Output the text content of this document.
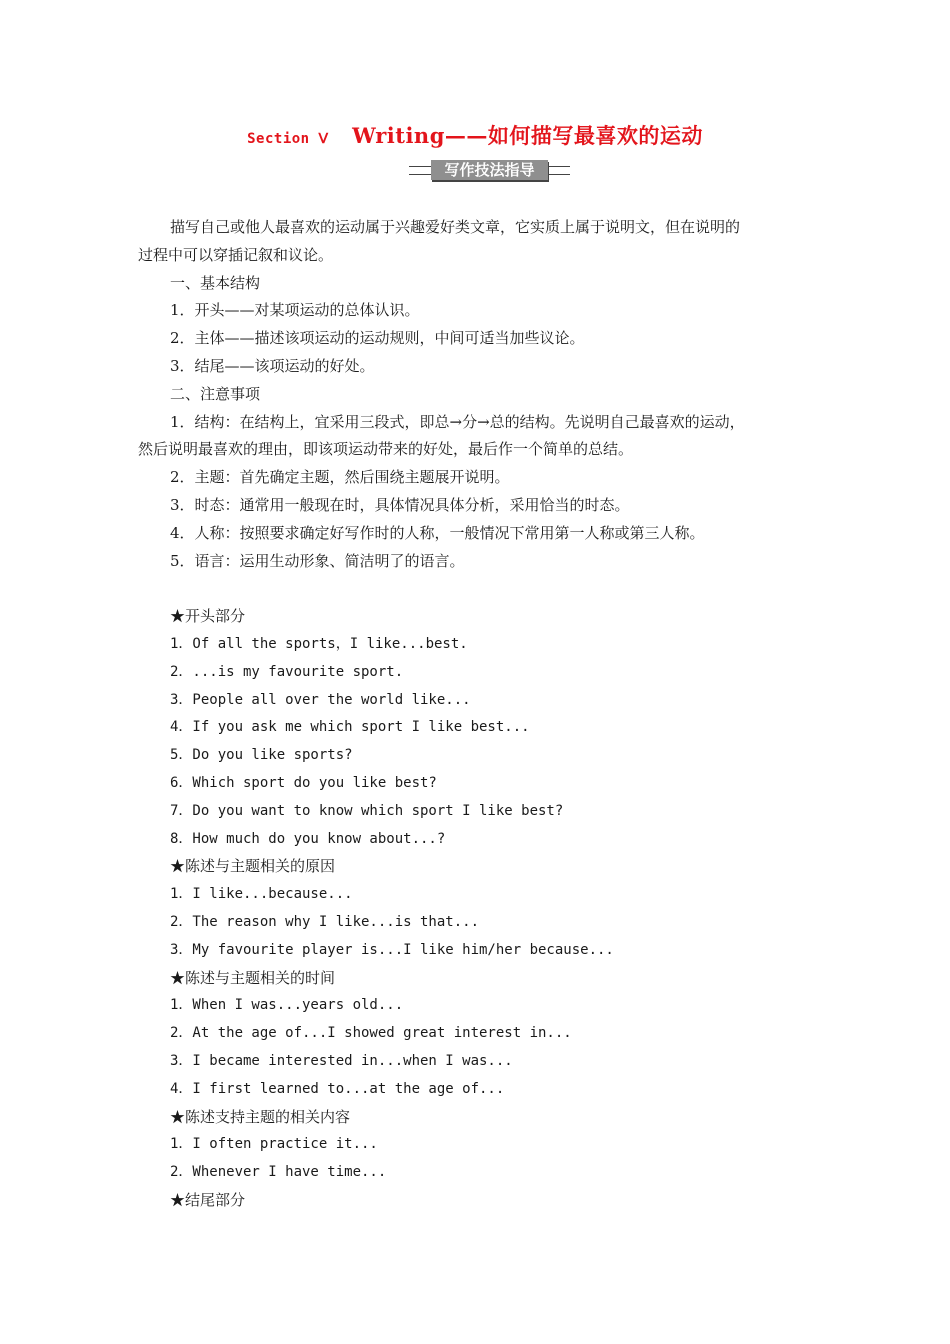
Section Ⅴ Writing——如何描写最喜欢的运动
写作技法指导
描写自己或他人最喜欢的运动属于兴趣爱好类文章，它实质上属于说明文，但在说明的
过程中可以穿插记叙和议论。
一、基本结构
1．开头——对某项运动的总体认识。
2．主体——描述该项运动的运动规则，中间可适当加些议论。
3．结尾——该项运动的好处。
二、注意事项
1．结构：在结构上，宜采用三段式，即总→分→总的结构。先说明自己最喜欢的运动，
然后说明最喜欢的理由，即该项运动带来的好处，最后作一个简单的总结。
2．主题：首先确定主题，然后围绕主题展开说明。
3．时态：通常用一般现在时，具体情况具体分析，采用恰当的时态。
4．人称：按照要求确定好写作时的人称，一般情况下常用第一人称或第三人称。
5．语言：运用生动形象、简洁明了的语言。
★开头部分
1．Of all the sports，I like...best.
2．...is my favourite sport.
3．People all over the world like...
4．If you ask me which sport I like best...
5．Do you like sports?
6．Which sport do you like best?
7．Do you want to know which sport I like best?
8．How much do you know about...?
★陈述与主题相关的原因
1．I like...because...
2．The reason why I like...is that...
3．My favourite player is...I like him/her because...
★陈述与主题相关的时间
1．When I was...years old...
2．At the age of...I showed great interest in...
3．I became interested in...when I was...
4．I first learned to...at the age of...
★陈述支持主题的相关内容
1．I often practice it...
2．Whenever I have time...
★结尾部分
